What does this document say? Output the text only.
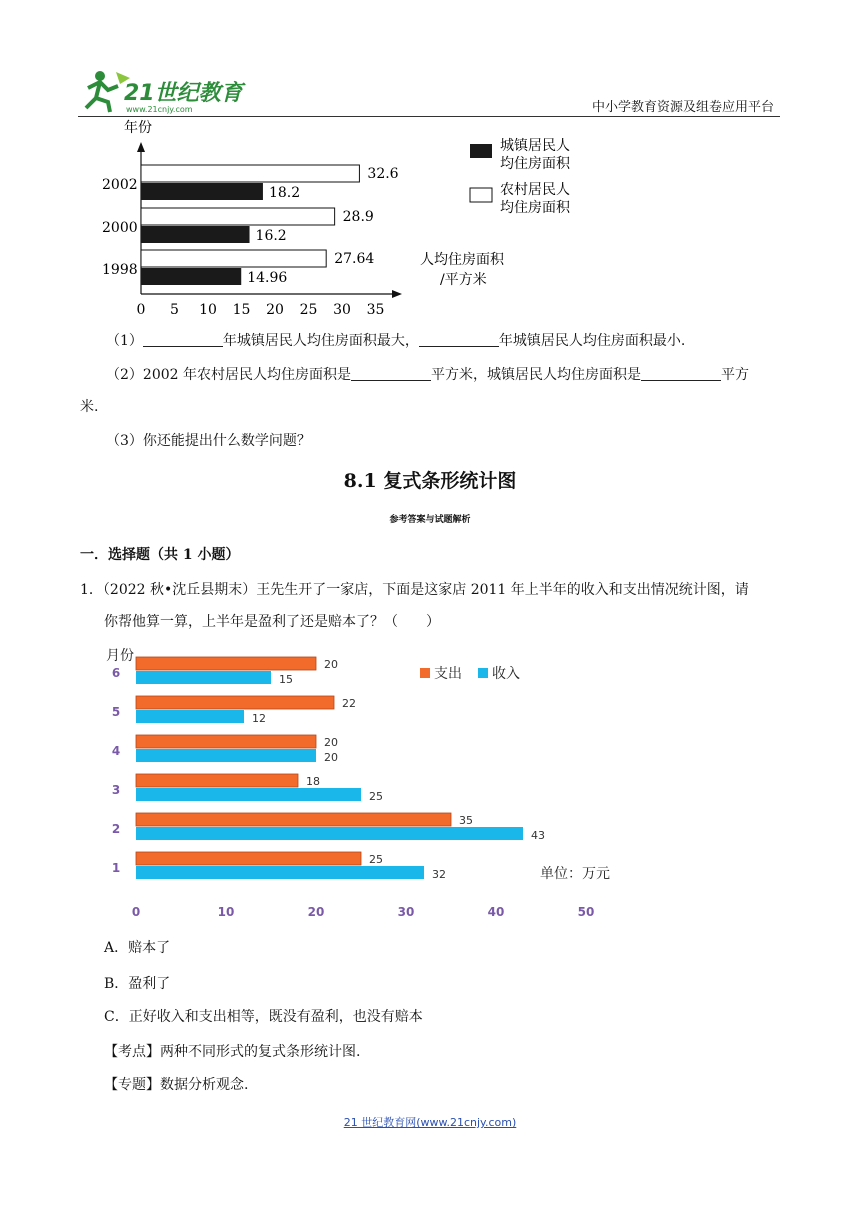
21世纪教育
www.21cnjy.com	中小学教育资源及组卷应用平台
27.64
14.96
28.9
16.2
32.6
18.2
0 5 10 15 20 25 30 35
1998
2000
2002
年份
人均住房面积
/平方米
城镇居民人
均住房面积
农村居民人
均住房面积
（1）	年城镇居民人均住房面积最大，	年城镇居民人均住房面积最小.
（2）2002 年农村居民人均住房面积是	平方米，城镇居民人均住房面积是	平方
米.
（3）你还能提出什么数学问题？
8.1 复式条形统计图
参考答案与试题解析
一．选择题（共 1 小题）
1．（2022 秋•沈丘县期末）王先生开了一家店，下面是这家店 2011 年上半年的收入和支出情况统计图，请
你帮他算一算，上半年是盈利了还是赔本了？（　　）
25
32
35
43
18
25
20
20
22
12
20
15
0	10	20	30	40	50
1
2
3
4
5
6
月份
支出 收入
单位：万元
A．赔本了
B．盈利了
C．正好收入和支出相等，既没有盈利，也没有赔本
【考点】两种不同形式的复式条形统计图.
【专题】数据分析观念.
21 世纪教育网(www.21cnjy.com)
